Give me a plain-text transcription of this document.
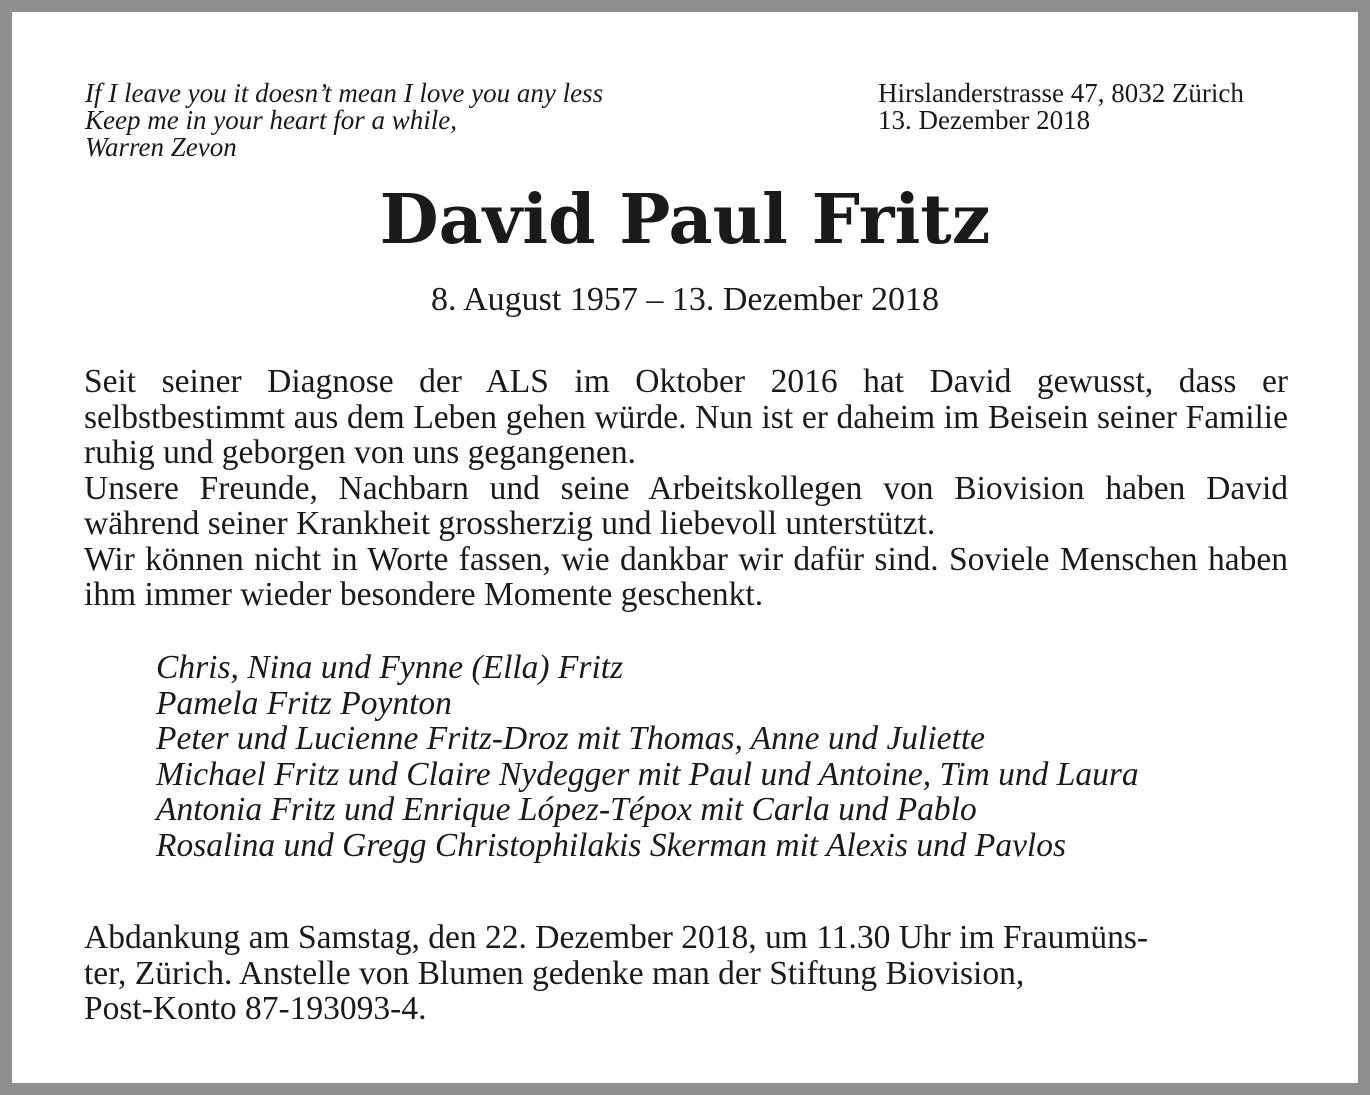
If I leave you it doesn’t mean I love you any less
Keep me in your heart for a while,
Warren Zevon
Hirslanderstrasse 47, 8032 Zürich
13. Dezember 2018
David Paul Fritz
8. August 1957 – 13. Dezember 2018

Seit seiner Diagnose der ALS im Oktober 2016 hat David gewusst, dass er selbstbestimmt aus dem Leben gehen würde. Nun ist er daheim im Beisein seiner Familie ruhig und geborgen von uns gegangenen.

Unsere Freunde, Nachbarn und seine Arbeitskollegen von Biovision haben David während seiner Krankheit grossherzig und liebevoll unterstützt.

Wir können nicht in Worte fassen, wie dankbar wir dafür sind. Soviele Menschen haben ihm immer wieder besondere Momente geschenkt.

Chris, Nina und Fynne (Ella) Fritz
Pamela Fritz Poynton
Peter und Lucienne Fritz-Droz mit Thomas, Anne und Juliette
Michael Fritz und Claire Nydegger mit Paul und Antoine, Tim und Laura
Antonia Fritz und Enrique López-Tépox mit Carla und Pablo
Rosalina und Gregg Christophilakis Skerman mit Alexis und Pavlos
Abdankung am Samstag, den 22. Dezember 2018, um 11.30 Uhr im Fraumüns-
ter, Zürich. Anstelle von Blumen gedenke man der Stiftung Biovision,
Post-Konto 87-193093-4.
